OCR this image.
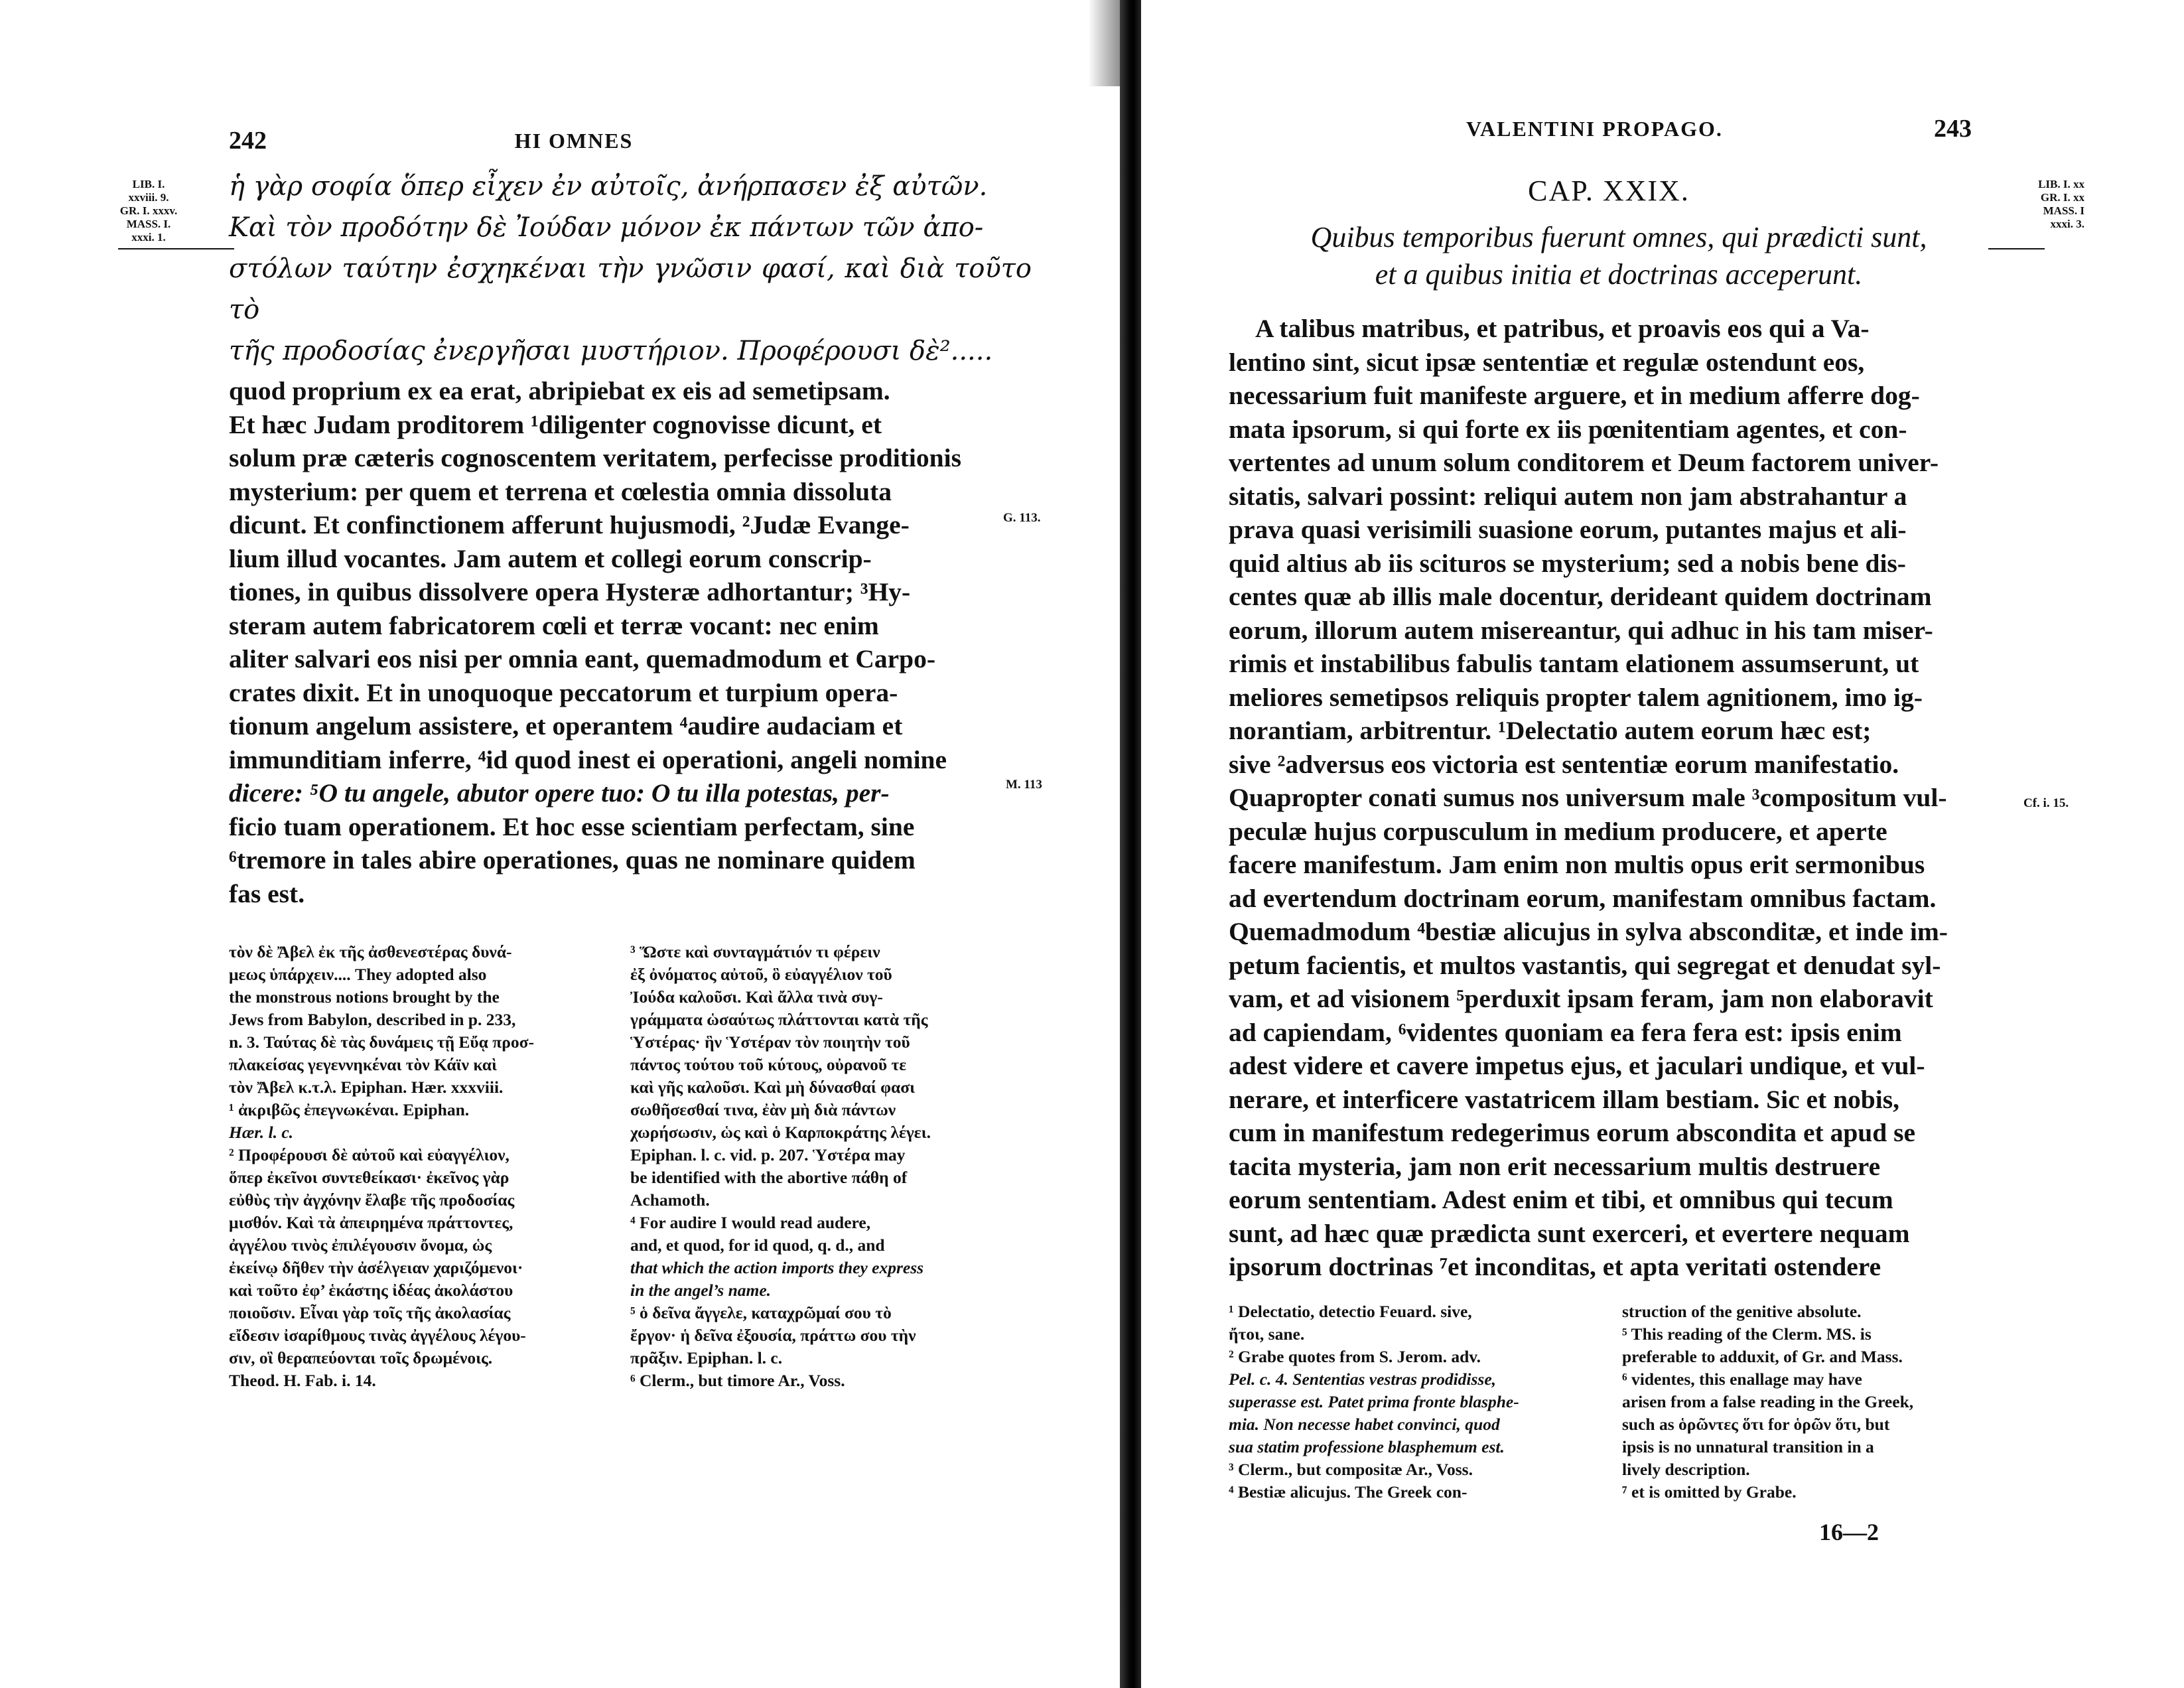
242	HI OMNES
LIB. I.
xxviii. 9.
GR. I. xxxv.
MASS. I.
xxxi. 1.
ἡ γὰρ σοφία ὅπερ εἶχεν ἐν αὐτοῖς, ἀνήρπασεν ἐξ αὐτῶν.
Καὶ τὸν προδότην δὲ Ἰούδαν μόνον ἐκ πάντων τῶν ἀπο-
στόλων ταύτην ἐσχηκέναι τὴν γνῶσιν φασί, καὶ διὰ τοῦτο τὸ
τῆς προδοσίας ἐνεργῆσαι μυστήριον. Προφέρουσι δὲ².....

quod proprium ex ea erat, abripiebat ex eis ad semetipsam.

Et hæc Judam proditorem ¹diligenter cognovisse dicunt, et

solum præ cæteris cognoscentem veritatem, perfecisse proditionis

mysterium: per quem et terrena et cœlestia omnia dissoluta

dicunt. Et confinctionem afferunt hujusmodi, ²Judæ Evange-

lium illud vocantes. Jam autem et collegi eorum conscrip-

tiones, in quibus dissolvere opera Hysteræ adhortantur; ³Hy-

steram autem fabricatorem cœli et terræ vocant: nec enim

aliter salvari eos nisi per omnia eant, quemadmodum et Carpo-

crates dixit. Et in unoquoque peccatorum et turpium opera-

tionum angelum assistere, et operantem ⁴audire audaciam et

immunditiam inferre, ⁴id quod inest ei operationi, angeli nomine

dicere: ⁵O tu angele, abutor opere tuo: O tu illa potestas, per-

ficio tuam operationem. Et hoc esse scientiam perfectam, sine

⁶tremore in tales abire operationes, quas ne nominare quidem

fas est.

G. 113.
M. 113

τὸν δὲ Ἄβελ ἐκ τῆς ἀσθενεστέρας δυνά-

μεως ὑπάρχειν.... They adopted also

the monstrous notions brought by the

Jews from Babylon, described in p. 233,

n. 3. Ταύτας δὲ τὰς δυνάμεις τῇ Εὔᾳ προσ-

πλακείσας γεγεννηκέναι τὸν Κάϊν καὶ

τὸν Ἄβελ κ.τ.λ. Epiphan. Hær. xxxviii.

¹ ἀκριβῶς ἐπεγνωκέναι. Epiphan.

Hær. l. c.

² Προφέρουσι δὲ αὐτοῦ καὶ εὐαγγέλιον,

ὅπερ ἐκεῖνοι συντεθείκασι· ἐκεῖνος γὰρ

εὐθὺς τὴν ἀγχόνην ἔλαβε τῆς προδοσίας

μισθόν. Καὶ τὰ ἀπειρημένα πράττοντες,

ἀγγέλου τινὸς ἐπιλέγουσιν ὄνομα, ὡς

ἐκείνῳ δῆθεν τὴν ἀσέλγειαν χαριζόμενοι·

καὶ τοῦτο ἐφ’ ἑκάστης ἰδέας ἀκολάστου

ποιοῦσιν. Εἶναι γὰρ τοῖς τῆς ἀκολασίας

εἴδεσιν ἰσαρίθμους τινὰς ἀγγέλους λέγου-

σιν, οἳ θεραπεύονται τοῖς δρωμένοις.

Theod. H. Fab. i. 14.

³ Ὥστε καὶ συνταγμάτιόν τι φέρειν

ἐξ ὀνόματος αὐτοῦ, ὃ εὐαγγέλιον τοῦ

Ἰούδα καλοῦσι. Καὶ ἄλλα τινὰ συγ-

γράμματα ὡσαύτως πλάττονται κατὰ τῆς

Ὑστέρας· ἣν Ὑστέραν τὸν ποιητὴν τοῦ

πάντος τούτου τοῦ κύτους, οὐρανοῦ τε

καὶ γῆς καλοῦσι. Καὶ μὴ δύνασθαί φασι

σωθῆσεσθαί τινα, ἐὰν μὴ διὰ πάντων

χωρήσωσιν, ὡς καὶ ὁ Καρποκράτης λέγει.

Epiphan. l. c. vid. p. 207. Ὑστέρα may

be identified with the abortive πάθη of

Achamoth.

⁴ For audire I would read audere,

and, et quod, for id quod, q. d., and

that which the action imports they express

in the angel’s name.

⁵ ὁ δεῖνα ἄγγελε, καταχρῶμαί σου τὸ

ἔργον· ἡ δεῖνα ἐξουσία, πράττω σου τὴν

πρᾶξιν. Epiphan. l. c.

⁶ Clerm., but timore Ar., Voss.

VALENTINI PROPAGO.	243
CAP. XXIX.	LIB. I. xx
GR. I. xx
MASS. I
xxxi. 3.
Quibus temporibus fuerunt omnes, qui prædicti sunt,
et a quibus initia et doctrinas acceperunt.

A talibus matribus, et patribus, et proavis eos qui a Va-

lentino sint, sicut ipsæ sententiæ et regulæ ostendunt eos,

necessarium fuit manifeste arguere, et in medium afferre dog-

mata ipsorum, si qui forte ex iis pœnitentiam agentes, et con-

vertentes ad unum solum conditorem et Deum factorem univer-

sitatis, salvari possint: reliqui autem non jam abstrahantur a

prava quasi verisimili suasione eorum, putantes majus et ali-

quid altius ab iis scituros se mysterium; sed a nobis bene dis-

centes quæ ab illis male docentur, derideant quidem doctrinam

eorum, illorum autem misereantur, qui adhuc in his tam miser-

rimis et instabilibus fabulis tantam elationem assumserunt, ut

meliores semetipsos reliquis propter talem agnitionem, imo ig-

norantiam, arbitrentur. ¹Delectatio autem eorum hæc est;

sive ²adversus eos victoria est sententiæ eorum manifestatio.

Quapropter conati sumus nos universum male ³compositum vul-

peculæ hujus corpusculum in medium producere, et aperte

facere manifestum. Jam enim non multis opus erit sermonibus

ad evertendum doctrinam eorum, manifestam omnibus factam.

Quemadmodum ⁴bestiæ alicujus in sylva absconditæ, et inde im-

petum facientis, et multos vastantis, qui segregat et denudat syl-

vam, et ad visionem ⁵perduxit ipsam feram, jam non elaboravit

ad capiendam, ⁶videntes quoniam ea fera fera est: ipsis enim

adest videre et cavere impetus ejus, et jaculari undique, et vul-

nerare, et interficere vastatricem illam bestiam. Sic et nobis,

cum in manifestum redegerimus eorum abscondita et apud se

tacita mysteria, jam non erit necessarium multis destruere

eorum sententiam. Adest enim et tibi, et omnibus qui tecum

sunt, ad hæc quæ prædicta sunt exerceri, et evertere nequam

ipsorum doctrinas ⁷et inconditas, et apta veritati ostendere

Cf. i. 15.

¹ Delectatio, detectio Feuard. sive,

ἤτοι, sane.

² Grabe quotes from S. Jerom. adv.

Pel. c. 4. Sententias vestras prodidisse,

superasse est. Patet prima fronte blasphe-

mia. Non necesse habet convinci, quod

sua statim professione blasphemum est.

³ Clerm., but compositæ Ar., Voss.

⁴ Bestiæ alicujus. The Greek con-

struction of the genitive absolute.

⁵ This reading of the Clerm. MS. is

preferable to adduxit, of Gr. and Mass.

⁶ videntes, this enallage may have

arisen from a false reading in the Greek,

such as ὁρῶντες ὅτι for ὁρῶν ὅτι, but

ipsis is no unnatural transition in a

lively description.

⁷ et is omitted by Grabe.

16—2
